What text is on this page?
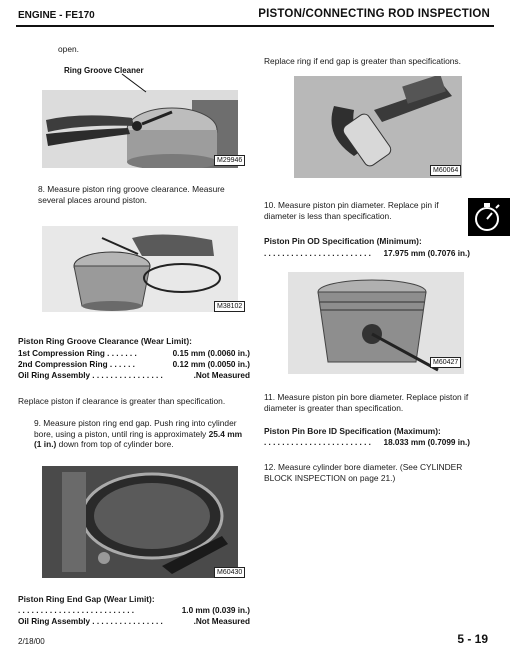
ENGINE - FE170	PISTON/CONNECTING ROD INSPECTION
open.
Ring Groove Cleaner
M29946
8. Measure piston ring groove clearance. Measure several places around piston.
M38102
Piston Ring Groove Clearance (Wear Limit):
1st Compression Ring . . . . . . .	0.15 mm (0.0060 in.)
2nd Compression Ring . . . . . .	0.12 mm (0.0050 in.)
Oil Ring Assembly . . . . . . . . . . . . . . . .	.Not Measured
Replace piston if clearance is greater than specification.
9. Measure piston ring end gap. Push ring into cylinder bore, using a piston, until ring is approximately 25.4 mm (1 in.) down from top of cylinder bore.
M60430
Piston Ring End Gap (Wear Limit):
. . . . . . . . . . . . . . . . . . . . . . . . . .	1.0 mm (0.039 in.)
Oil Ring Assembly . . . . . . . . . . . . . . . .	.Not Measured
Replace ring if end gap is greater than specifications.
M60064
10. Measure piston pin diameter. Replace pin if diameter is less than specification.
Piston Pin OD Specification (Minimum):
. . . . . . . . . . . . . . . . . . . . . . . . 17.975 mm (0.7076 in.)
M60427
11. Measure piston pin bore diameter. Replace piston if diameter is greater than specification.
Piston Pin Bore ID Specification (Maximum):
. . . . . . . . . . . . . . . . . . . . . . . . 18.033 mm (0.7099 in.)
12. Measure cylinder bore diameter. (See CYLINDER BLOCK INSPECTION on page 21.)
2/18/00	5 - 19
